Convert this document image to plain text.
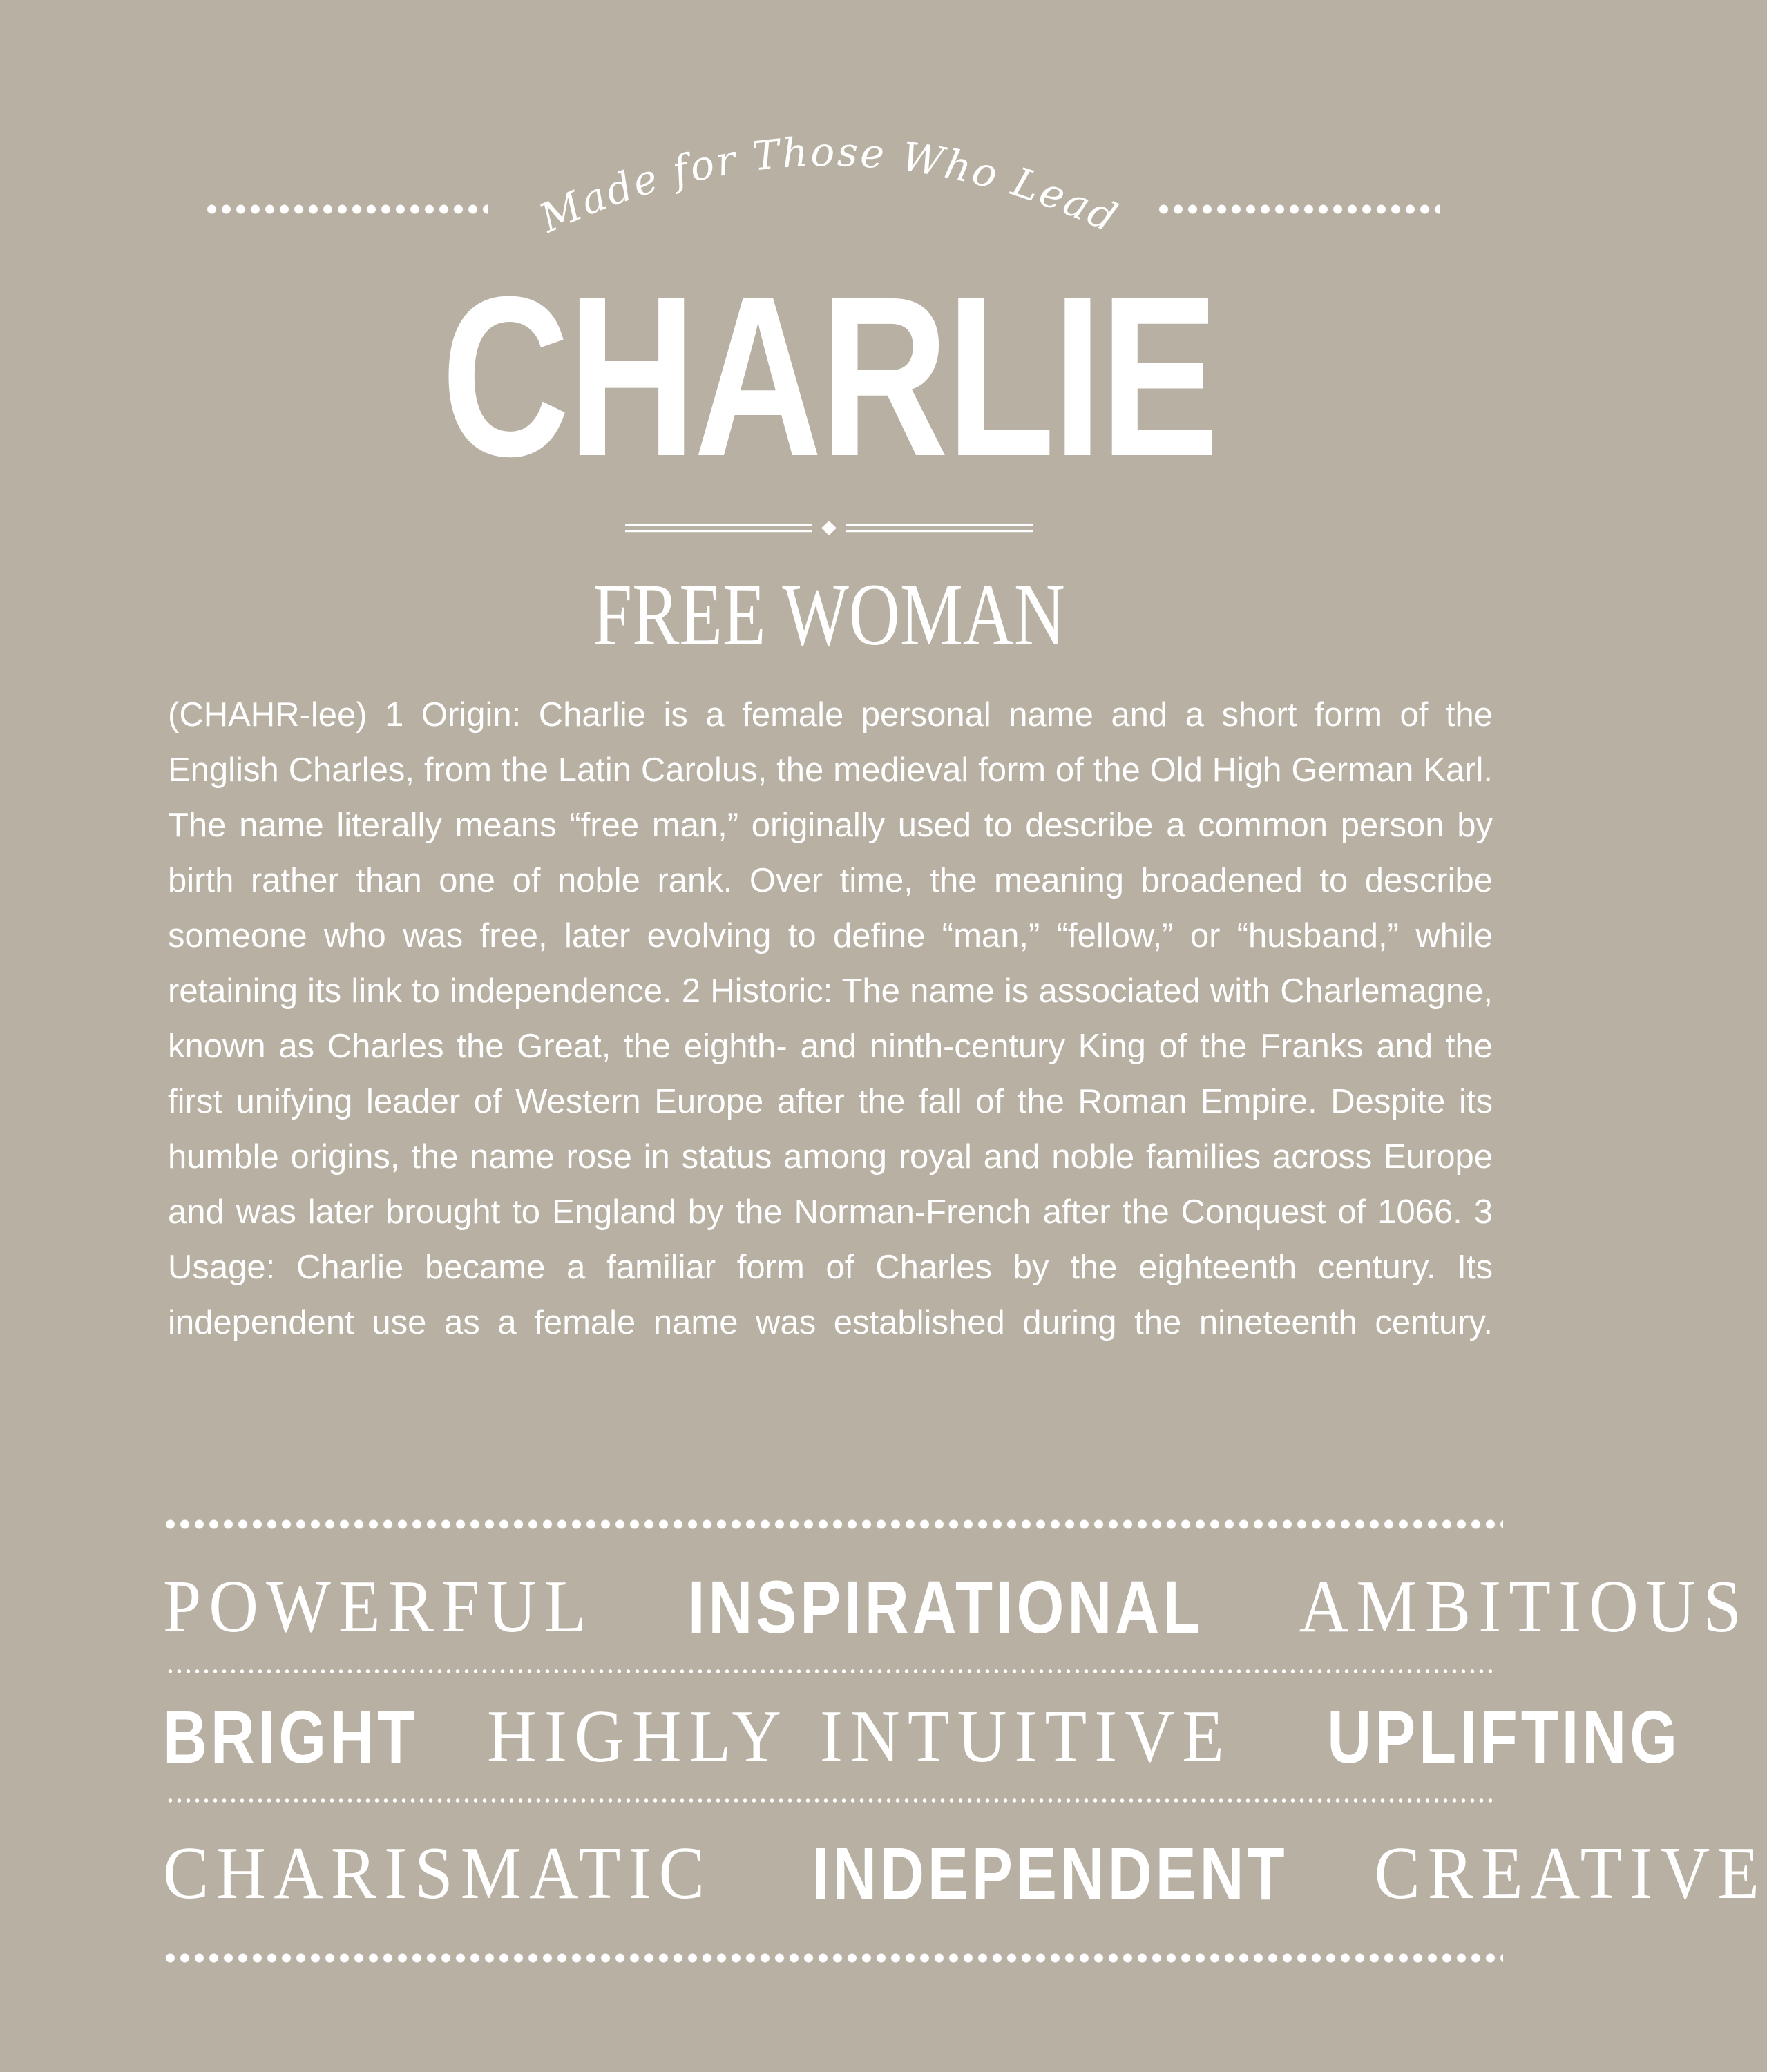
Made for Those Who Lead
CHARLIE
FREE WOMAN

(CHAHR-lee) 1 Origin: Charlie is a female personal name and a short form of the English Charles, from the Latin Carolus, the medieval form of the Old High German Karl. The name literally means “free man,” originally used to describe a common person by birth rather than one of noble rank. Over time, the meaning broadened to describe someone who was free, later evolving to define “man,” “fellow,” or “husband,” while retaining its link to independence. 2 Historic: The name is associated with Charlemagne, known as Charles the Great, the eighth- and ninth-century King of the Franks and the first unifying leader of Western Europe after the fall of the Roman Empire. Despite its humble origins, the name rose in status among royal and noble families across Europe and was later brought to England by the Norman-French after the Conquest of 1066. 3 Usage: Charlie became a familiar form of Charles by the eighteenth century. Its independent use as a female name was established during the nineteenth century.

POWERFUL INSPIRATIONAL AMBITIOUS
BRIGHT HIGHLY INTUITIVE UPLIFTING
CHARISMATIC INDEPENDENT CREATIVE
